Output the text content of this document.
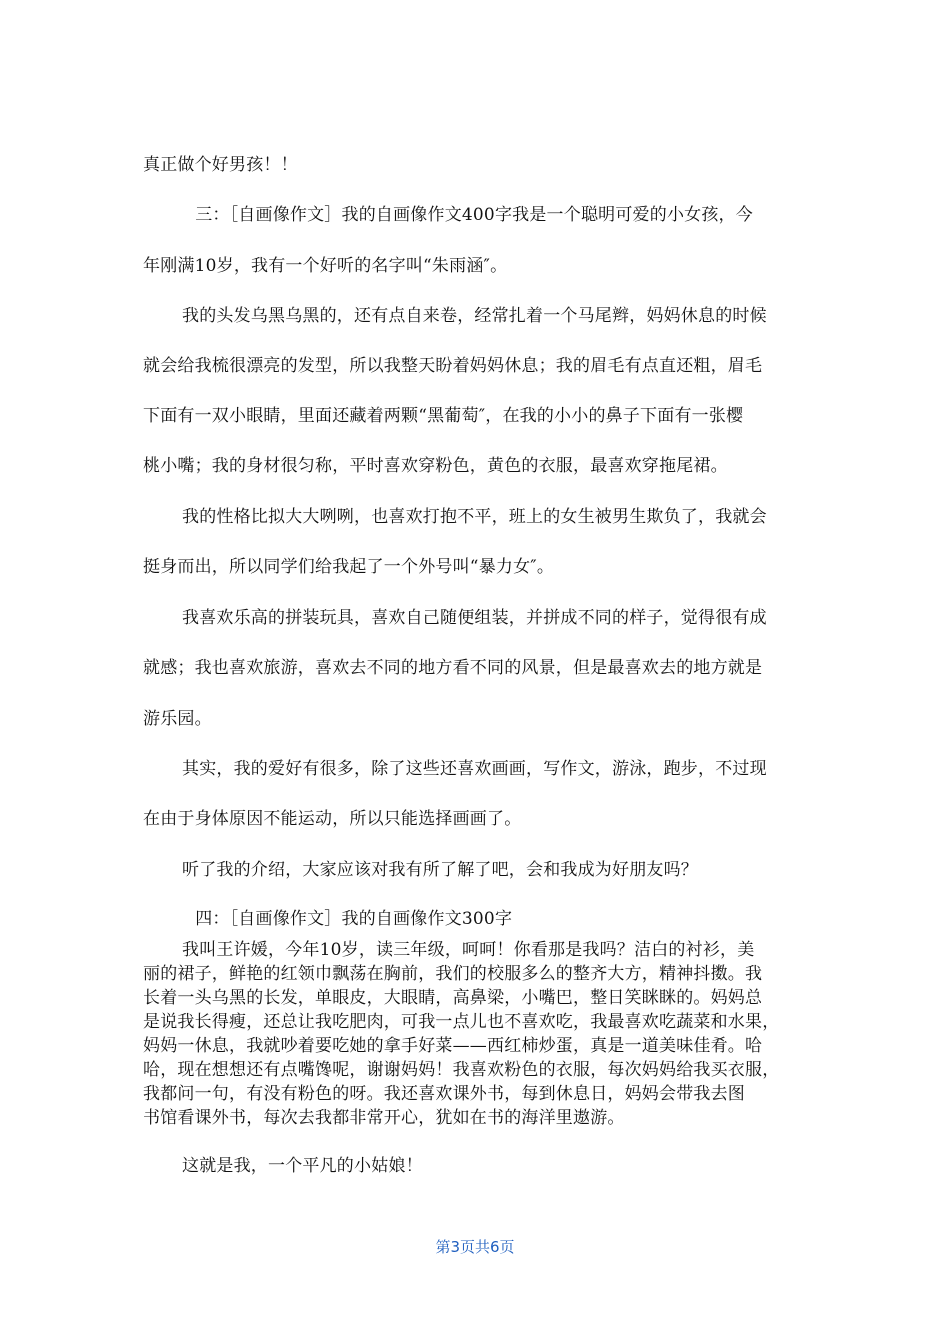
真正做个好男孩！！
　三：［自画像作文］我的自画像作文400字我是一个聪明可爱的小女孩，今
年刚满10岁，我有一个好听的名字叫“朱雨涵″。
我的头发乌黑乌黑的，还有点自来卷，经常扎着一个马尾辫，妈妈休息的时候
就会给我梳很漂亮的发型，所以我整天盼着妈妈休息；我的眉毛有点直还粗，眉毛
下面有一双小眼睛，里面还藏着两颗“黑葡萄″，在我的小小的鼻子下面有一张樱
桃小嘴；我的身材很匀称，平时喜欢穿粉色，黄色的衣服，最喜欢穿拖尾裙。
我的性格比拟大大咧咧，也喜欢打抱不平，班上的女生被男生欺负了，我就会
挺身而出，所以同学们给我起了一个外号叫“暴力女″。
我喜欢乐高的拼装玩具，喜欢自己随便组装，并拼成不同的样子，觉得很有成
就感；我也喜欢旅游，喜欢去不同的地方看不同的风景，但是最喜欢去的地方就是
游乐园。
其实，我的爱好有很多，除了这些还喜欢画画，写作文，游泳，跑步，不过现
在由于身体原因不能运动，所以只能选择画画了。
听了我的介绍，大家应该对我有所了解了吧，会和我成为好朋友吗？
　四：［自画像作文］我的自画像作文300字
我叫王许媛，今年10岁，读三年级，呵呵！你看那是我吗？洁白的衬衫，美
丽的裙子，鲜艳的红领巾飘荡在胸前，我们的校服多么的整齐大方，精神抖擞。我
长着一头乌黑的长发，单眼皮，大眼睛，高鼻梁，小嘴巴，整日笑眯眯的。妈妈总
是说我长得瘦，还总让我吃肥肉，可我一点儿也不喜欢吃，我最喜欢吃蔬菜和水果，
妈妈一休息，我就吵着要吃她的拿手好菜——西红柿炒蛋，真是一道美味佳肴。哈
哈，现在想想还有点嘴馋呢，谢谢妈妈！我喜欢粉色的衣服，每次妈妈给我买衣服，
我都问一句，有没有粉色的呀。我还喜欢课外书，每到休息日，妈妈会带我去图
书馆看课外书，每次去我都非常开心，犹如在书的海洋里遨游。
这就是我，一个平凡的小姑娘！
第3页共6页
